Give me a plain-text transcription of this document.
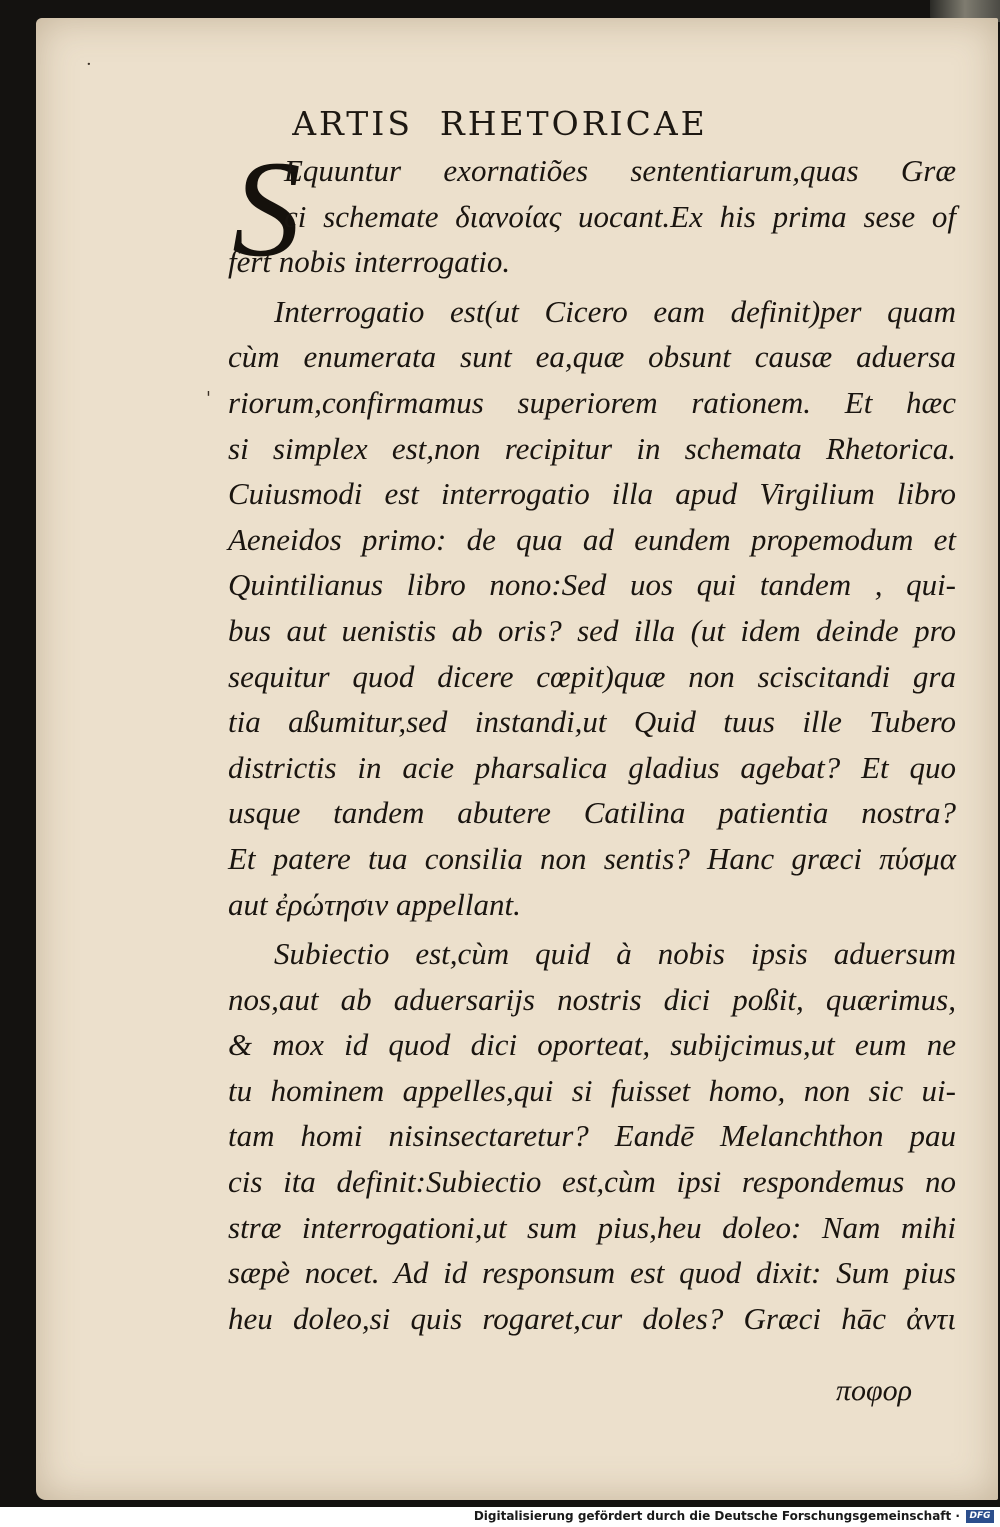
·
'
ARTIS  RHETORICAE
S
Equuntur exornatiões sententiarum,quas Græ
ci schemate διανοίας uocant.Ex his prima sese of
fert nobis interrogatio.
Interrogatio est(ut Cicero eam definit)per quam
cùm enumerata sunt ea,quæ obsunt causæ aduersa
riorum,confirmamus superiorem rationem. Et hæc
si simplex est,non recipitur in schemata Rhetorica.
Cuiusmodi est interrogatio illa apud Virgilium libro
Aeneidos primo: de qua ad eundem propemodum et
Quintilianus libro nono:Sed uos qui tandem , qui-
bus aut uenistis ab oris? sed illa (ut idem deinde pro
sequitur quod dicere cœpit)quæ non sciscitandi gra
tia aßumitur,sed instandi,ut Quid tuus ille Tubero
districtis in acie pharsalica gladius agebat? Et quo
usque tandem abutere Catilina patientia nostra?
Et patere tua consilia non sentis? Hanc græci πύσμα
aut ἐρώτησιν appellant.
Subiectio est,cùm quid à nobis ipsis aduersum
nos,aut ab aduersarijs nostris dici poßit, quærimus,
& mox id quod dici oporteat, subijcimus,ut eum ne
tu hominem appelles,qui si fuisset homo, non sic ui-
tam homi nisinsectaretur? Eandē Melanchthon pau
cis ita definit:Subiectio est,cùm ipsi respondemus no
stræ interrogationi,ut sum pius,heu doleo: Nam mihi
sæpè nocet. Ad id responsum est quod dixit: Sum pius
heu doleo,si quis rogaret,cur doles? Græci hāc ἀντι
ποφορ
Digitalisierung gefördert durch die Deutsche Forschungsgemeinschaft ·	DFG
